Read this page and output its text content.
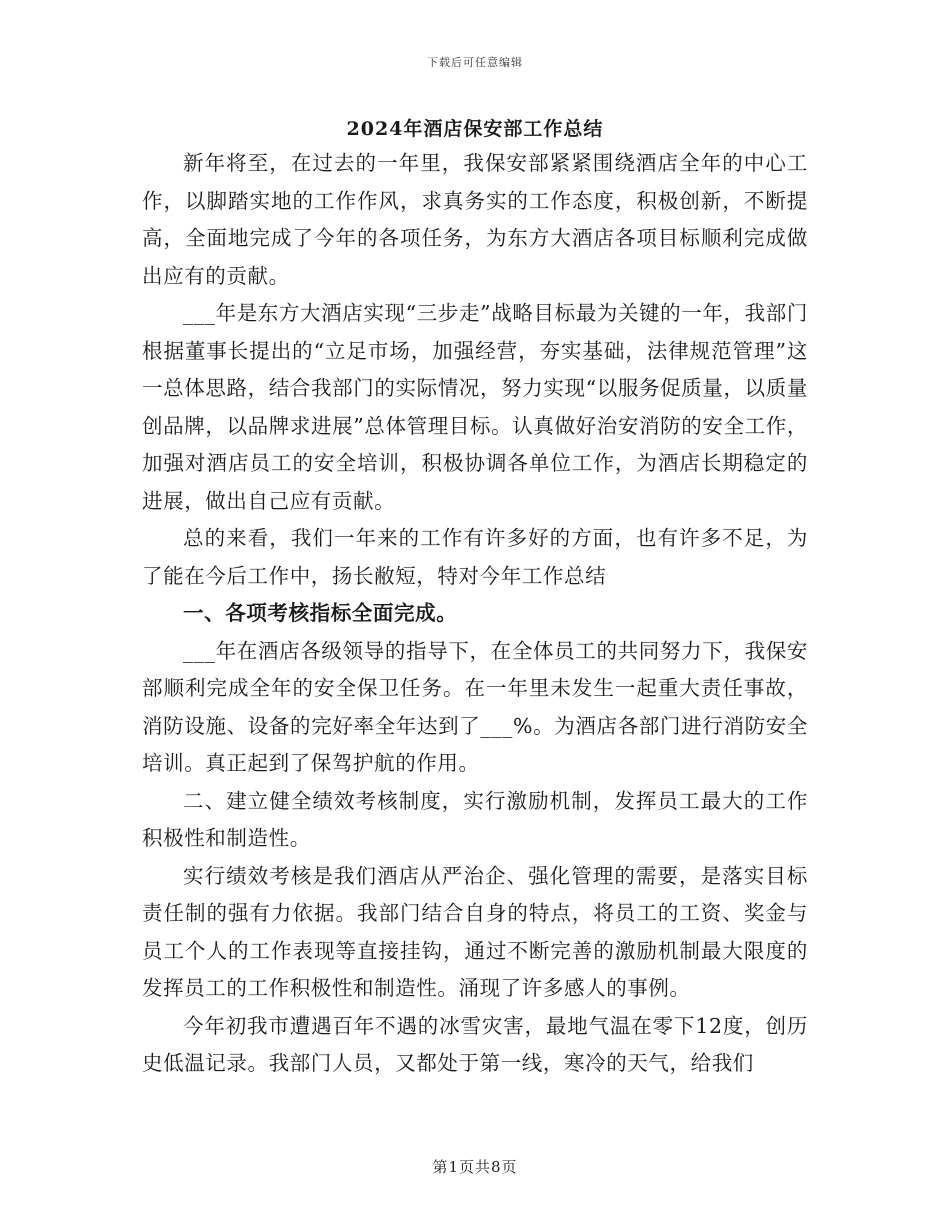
下载后可任意编辑
2024年酒店保安部工作总结

新年将至，在过去的一年里，我保安部紧紧围绕酒店全年的中心工作，以脚踏实地的工作作风，求真务实的工作态度，积极创新，不断提高，全面地完成了今年的各项任务，为东方大酒店各项目标顺利完成做出应有的贡献。

___年是东方大酒店实现“三步走”战略目标最为关键的一年，我部门根据董事长提出的“立足市场，加强经营，夯实基础，法律规范管理”这一总体思路，结合我部门的实际情况，努力实现“以服务促质量，以质量创品牌，以品牌求进展”总体管理目标。认真做好治安消防的安全工作，加强对酒店员工的安全培训，积极协调各单位工作，为酒店长期稳定的进展，做出自己应有贡献。

总的来看，我们一年来的工作有许多好的方面，也有许多不足，为了能在今后工作中，扬长敝短，特对今年工作总结

一、各项考核指标全面完成。

___年在酒店各级领导的指导下，在全体员工的共同努力下，我保安部顺利完成全年的安全保卫任务。在一年里未发生一起重大责任事故，消防设施、设备的完好率全年达到了___%。为酒店各部门进行消防安全培训。真正起到了保驾护航的作用。

二、建立健全绩效考核制度，实行激励机制，发挥员工最大的工作积极性和制造性。

实行绩效考核是我们酒店从严治企、强化管理的需要，是落实目标责任制的强有力依据。我部门结合自身的特点，将员工的工资、奖金与员工个人的工作表现等直接挂钩，通过不断完善的激励机制最大限度的发挥员工的工作积极性和制造性。涌现了许多感人的事例。

今年初我市遭遇百年不遇的冰雪灾害，最地气温在零下12度，创历史低温记录。我部门人员，又都处于第一线，寒冷的天气，给我们

第1页共8页
